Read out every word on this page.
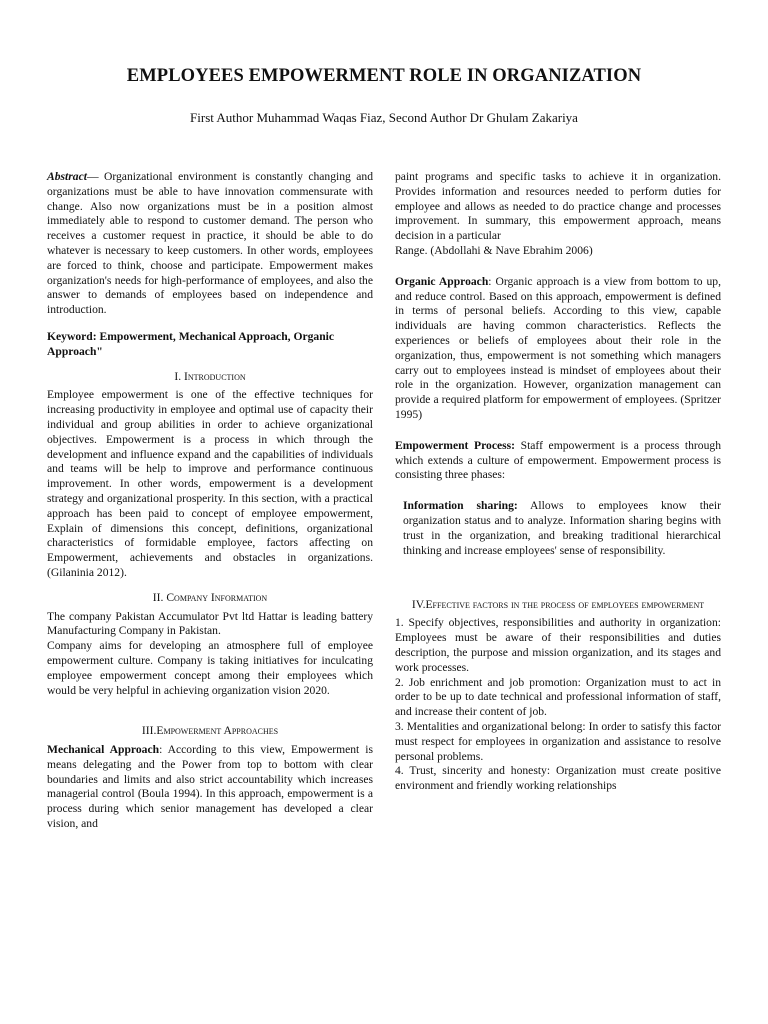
EMPLOYEES EMPOWERMENT ROLE IN ORGANIZATION
First Author Muhammad Waqas Fiaz, Second Author Dr Ghulam Zakariya

Abstract— Organizational environment is constantly changing and organizations must be able to have innovation commensurate with change. Also now organizations must be in a position almost immediately able to respond to customer demand. The person who receives a customer request in practice, it should be able to do whatever is necessary to keep customers. In other words, employees are forced to think, choose and participate. Empowerment makes organization's needs for high-performance of employees, and also the answer to demands of employees based on independence and introduction.

Keyword: Empowerment, Mechanical Approach, Organic Approach"

I. Introduction

Employee empowerment is one of the effective techniques for increasing productivity in employee and optimal use of capacity their individual and group abilities in order to achieve organizational objectives. Empowerment is a process in which through the development and influence expand and the capabilities of individuals and teams will be help to improve and performance continuous improvement. In other words, empowerment is a development strategy and organizational prosperity. In this section, with a practical approach has been paid to concept of employee empowerment, Explain of dimensions this concept, definitions, organizational characteristics of formidable employee, factors affecting on Empowerment, achievements and obstacles in organizations. (Gilaninia 2012).

II. Company Information

The company Pakistan Accumulator Pvt ltd Hattar is leading battery Manufacturing Company in Pakistan.

Company aims for developing an atmosphere full of employee empowerment culture. Company is taking initiatives for inculcating employee empowerment concept among their employees which would be very helpful in achieving organization vision 2020.

III.Empowerment Approaches

Mechanical Approach: According to this view, Empowerment is means delegating and the Power from top to bottom with clear boundaries and limits and also strict accountability which increases managerial control (Boula 1994). In this approach, empowerment is a process during which senior management has developed a clear vision, and

paint programs and specific tasks to achieve it in organization. Provides information and resources needed to perform duties for employee and allows as needed to do practice change and processes improvement. In summary, this empowerment approach, means decision in a particular

Range. (Abdollahi & Nave Ebrahim 2006)

Organic Approach: Organic approach is a view from bottom to up, and reduce control. Based on this approach, empowerment is defined in terms of personal beliefs. According to this view, capable individuals are having common characteristics. Reflects the experiences or beliefs of employees about their role in the organization, thus, empowerment is not something which managers carry out to employees instead is mindset of employees about their role in the organization. However, organization management can provide a required platform for empowerment of employees. (Spritzer 1995)

Empowerment Process: Staff empowerment is a process through which extends a culture of empowerment. Empowerment process is consisting three phases:

Information sharing: Allows to employees know their organization status and to analyze. Information sharing begins with trust in the organization, and breaking traditional hierarchical thinking and increase employees' sense of responsibility.

IV.Effective factors in the process of employees empowerment

1. Specify objectives, responsibilities and authority in organization: Employees must be aware of their responsibilities and duties description, the purpose and mission organization, and its stages and work processes.

2. Job enrichment and job promotion: Organization must to act in order to be up to date technical and professional information of staff, and increase their content of job.

3. Mentalities and organizational belong: In order to satisfy this factor must respect for employees in organization and assistance to resolve personal problems.

4. Trust, sincerity and honesty: Organization must create positive environment and friendly working relationships
